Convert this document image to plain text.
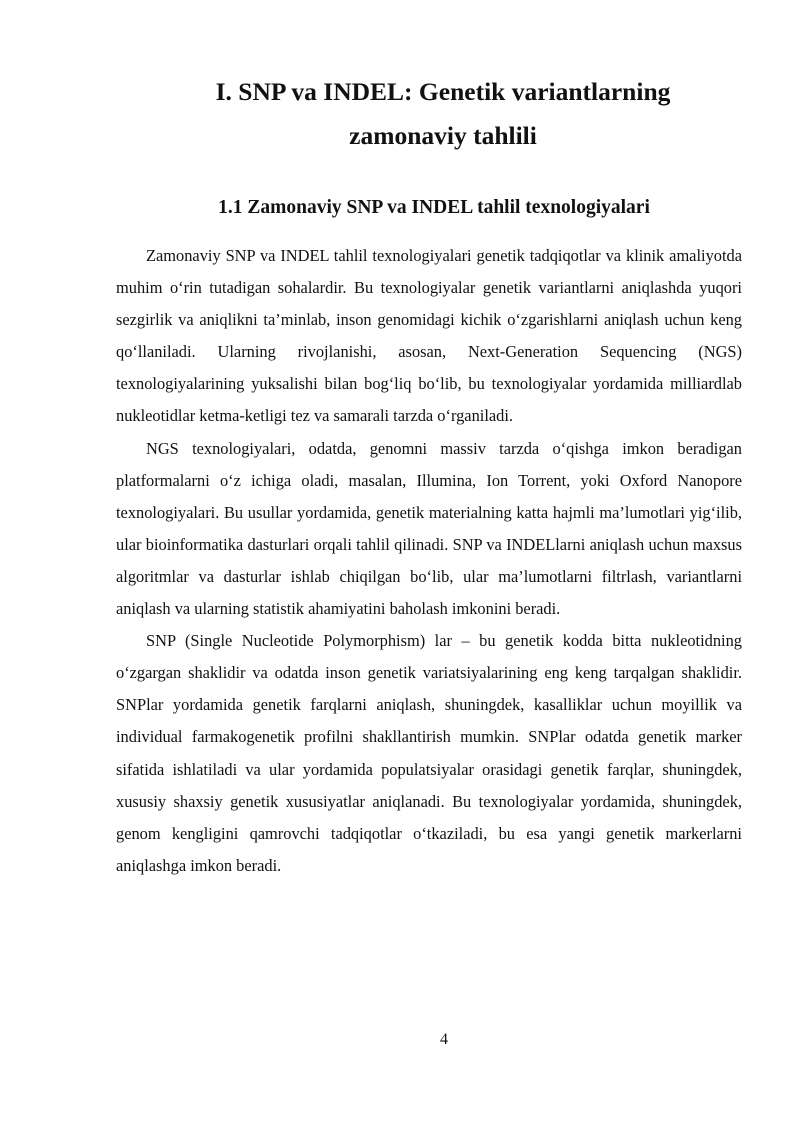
I. SNP va INDEL: Genetik variantlarning zamonaviy tahlili
1.1 Zamonaviy SNP va INDEL tahlil texnologiyalari

Zamonaviy SNP va INDEL tahlil texnologiyalari genetik tadqiqotlar va klinik amaliyotda muhim o‘rin tutadigan sohalardir. Bu texnologiyalar genetik variantlarni aniqlashda yuqori sezgirlik va aniqlikni ta’minlab, inson genomidagi kichik o‘zgarishlarni aniqlash uchun keng qo‘llaniladi. Ularning rivojlanishi, asosan, Next-Generation Sequencing (NGS) texnologiyalarining yuksalishi bilan bog‘liq bo‘lib, bu texnologiyalar yordamida milliardlab nukleotidlar ketma-ketligi tez va samarali tarzda o‘rganiladi.

NGS texnologiyalari, odatda, genomni massiv tarzda o‘qishga imkon beradigan platformalarni o‘z ichiga oladi, masalan, Illumina, Ion Torrent, yoki Oxford Nanopore texnologiyalari. Bu usullar yordamida, genetik materialning katta hajmli ma’lumotlari yig‘ilib, ular bioinformatika dasturlari orqali tahlil qilinadi. SNP va INDELlarni aniqlash uchun maxsus algoritmlar va dasturlar ishlab chiqilgan bo‘lib, ular ma’lumotlarni filtrlash, variantlarni aniqlash va ularning statistik ahamiyatini baholash imkonini beradi.

SNP (Single Nucleotide Polymorphism) lar – bu genetik kodda bitta nukleotidning o‘zgargan shaklidir va odatda inson genetik variatsiyalarining eng keng tarqalgan shaklidir. SNPlar yordamida genetik farqlarni aniqlash, shuningdek, kasalliklar uchun moyillik va individual farmakogenetik profilni shakllantirish mumkin. SNPlar odatda genetik marker sifatida ishlatiladi va ular yordamida populatsiyalar orasidagi genetik farqlar, shuningdek, xususiy shaxsiy genetik xususiyatlar aniqlanadi. Bu texnologiyalar yordamida, shuningdek, genom kengligini qamrovchi tadqiqotlar o‘tkaziladi, bu esa yangi genetik markerlarni aniqlashga imkon beradi.

4
